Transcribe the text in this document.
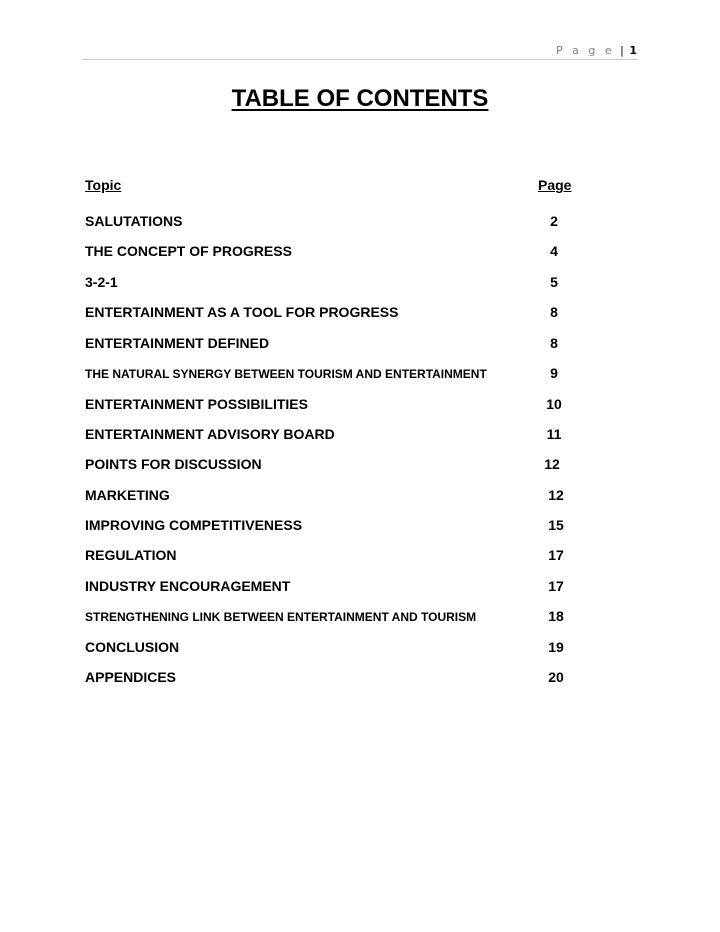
P a g e | 1
TABLE OF CONTENTS
Topic	Page
SALUTATIONS	2
THE CONCEPT OF PROGRESS	4
3-2-1	5
ENTERTAINMENT AS A TOOL FOR PROGRESS	8
ENTERTAINMENT DEFINED	8
THE NATURAL SYNERGY BETWEEN TOURISM AND ENTERTAINMENT	9
ENTERTAINMENT POSSIBILITIES	10
ENTERTAINMENT ADVISORY BOARD	11
POINTS FOR DISCUSSION	12
MARKETING	12
IMPROVING COMPETITIVENESS	15
REGULATION	17
INDUSTRY ENCOURAGEMENT	17
STRENGTHENING LINK BETWEEN ENTERTAINMENT AND TOURISM	18
CONCLUSION	19
APPENDICES	20
